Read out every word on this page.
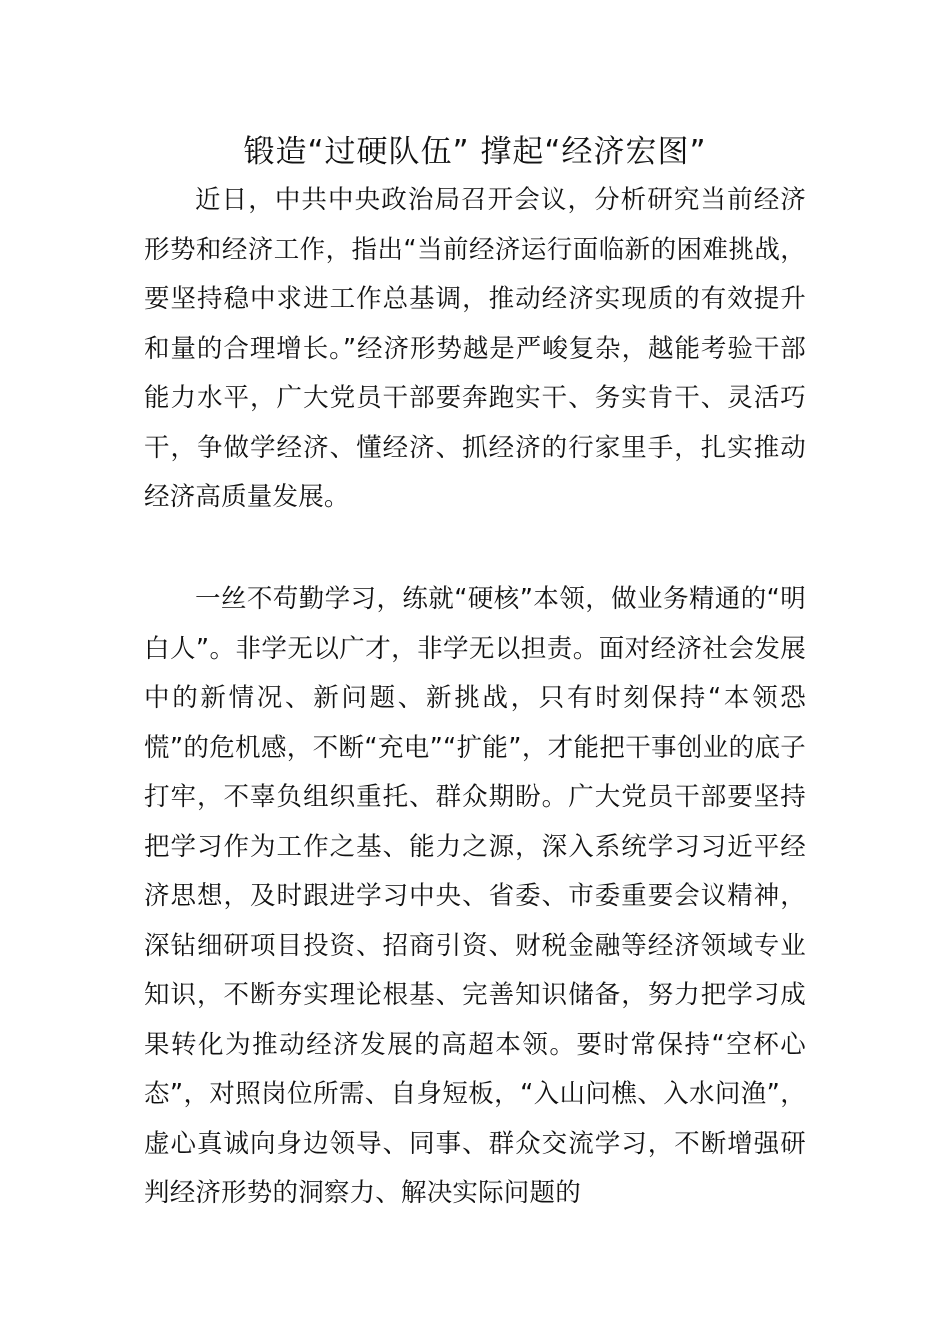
锻造“过硬队伍” 撑起“经济宏图”

近日，中共中央政治局召开会议，分析研究当前经济形势和经济工作，指出“当前经济运行面临新的困难挑战，要坚持稳中求进工作总基调，推动经济实现质的有效提升和量的合理增长。”经济形势越是严峻复杂，越能考验干部能力水平，广大党员干部要奔跑实干、务实肯干、灵活巧干，争做学经济、懂经济、抓经济的行家里手，扎实推动经济高质量发展。

一丝不苟勤学习，练就“硬核”本领，做业务精通的“明白人”。非学无以广才，非学无以担责。面对经济社会发展中的新情况、新问题、新挑战，只有时刻保持“本领恐慌”的危机感，不断“充电”“扩能”，才能把干事创业的底子打牢，不辜负组织重托、群众期盼。广大党员干部要坚持把学习作为工作之基、能力之源，深入系统学习习近平经济思想，及时跟进学习中央、省委、市委重要会议精神，深钻细研项目投资、招商引资、财税金融等经济领域专业知识，不断夯实理论根基、完善知识储备，努力把学习成果转化为推动经济发展的高超本领。要时常保持“空杯心态”，对照岗位所需、自身短板，“入山问樵、入水问渔”，虚心真诚向身边领导、同事、群众交流学习，不断增强研判经济形势的洞察力、解决实际问题的
